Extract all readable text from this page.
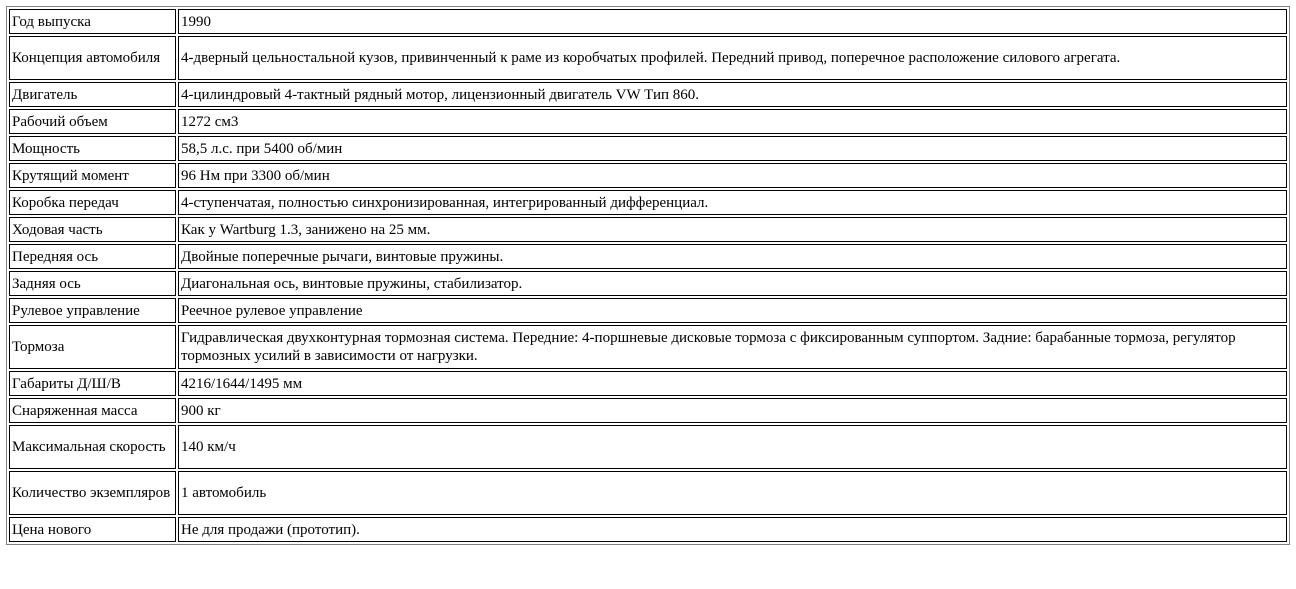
Год выпуска	1990
Концепция автомобиля	4-дверный цельностальной кузов, привинченный к раме из коробчатых профилей. Передний привод, поперечное расположение силового агрегата.
Двигатель	4-цилиндровый 4-тактный рядный мотор, лицензионный двигатель VW Тип 860.
Рабочий объем	1272 см3
Мощность	58,5 л.с. при 5400 об/мин
Крутящий момент	96 Нм при 3300 об/мин
Коробка передач	4-ступенчатая, полностью синхронизированная, интегрированный дифференциал.
Ходовая часть	Как у Wartburg 1.3, занижено на 25 мм.
Передняя ось	Двойные поперечные рычаги, винтовые пружины.
Задняя ось	Диагональная ось, винтовые пружины, стабилизатор.
Рулевое управление	Реечное рулевое управление
Тормоза	Гидравлическая двухконтурная тормозная система. Передние: 4-поршневые дисковые тормоза с фиксированным суппортом. Задние: барабанные тормоза, регулятор тормозных усилий в зависимости от нагрузки.
Габариты Д/Ш/В	4216/1644/1495 мм
Снаряженная масса	900 кг
Максимальная скорость	140 км/ч
Количество экземпляров	1 автомобиль
Цена нового	Не для продажи (прототип).
